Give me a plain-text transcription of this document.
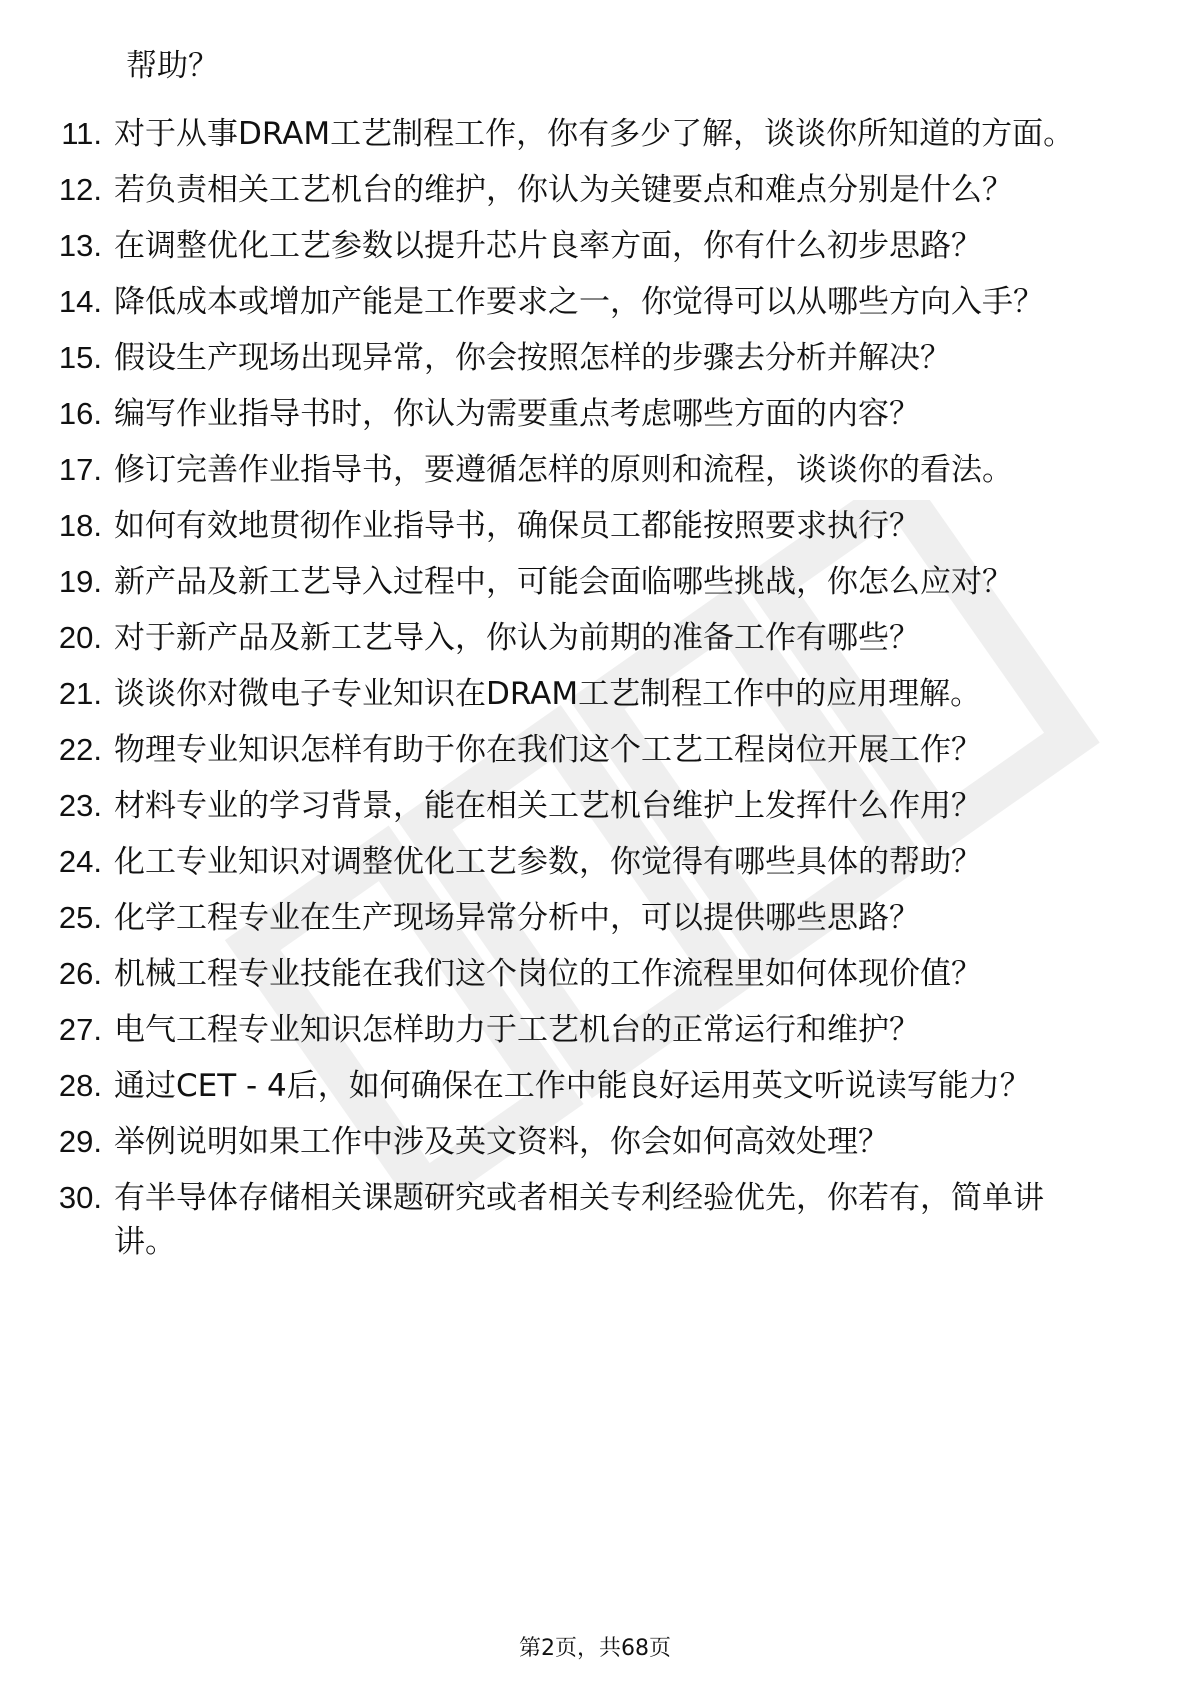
帮助？

11. 对于从事DRAM工艺制程工作，你有多少了解，谈谈你所知道的方面。
12. 若负责相关工艺机台的维护，你认为关键要点和难点分别是什么？
13. 在调整优化工艺参数以提升芯片良率方面，你有什么初步思路？
14. 降低成本或增加产能是工作要求之一，你觉得可以从哪些方向入手？
15. 假设生产现场出现异常，你会按照怎样的步骤去分析并解决？
16. 编写作业指导书时，你认为需要重点考虑哪些方面的内容？
17. 修订完善作业指导书，要遵循怎样的原则和流程，谈谈你的看法。
18. 如何有效地贯彻作业指导书，确保员工都能按照要求执行？
19. 新产品及新工艺导入过程中，可能会面临哪些挑战，你怎么应对？
20. 对于新产品及新工艺导入，你认为前期的准备工作有哪些？
21. 谈谈你对微电子专业知识在DRAM工艺制程工作中的应用理解。
22. 物理专业知识怎样有助于你在我们这个工艺工程岗位开展工作？
23. 材料专业的学习背景，能在相关工艺机台维护上发挥什么作用？
24. 化工专业知识对调整优化工艺参数，你觉得有哪些具体的帮助？
25. 化学工程专业在生产现场异常分析中，可以提供哪些思路？
26. 机械工程专业技能在我们这个岗位的工作流程里如何体现价值？
27. 电气工程专业知识怎样助力于工艺机台的正常运行和维护？
28. 通过CET - 4后，如何确保在工作中能良好运用英文听说读写能力？
29. 举例说明如果工作中涉及英文资料，你会如何高效处理？
30. 有半导体存储相关课题研究或者相关专利经验优先，你若有，简单讲讲。
第2页，共68页
